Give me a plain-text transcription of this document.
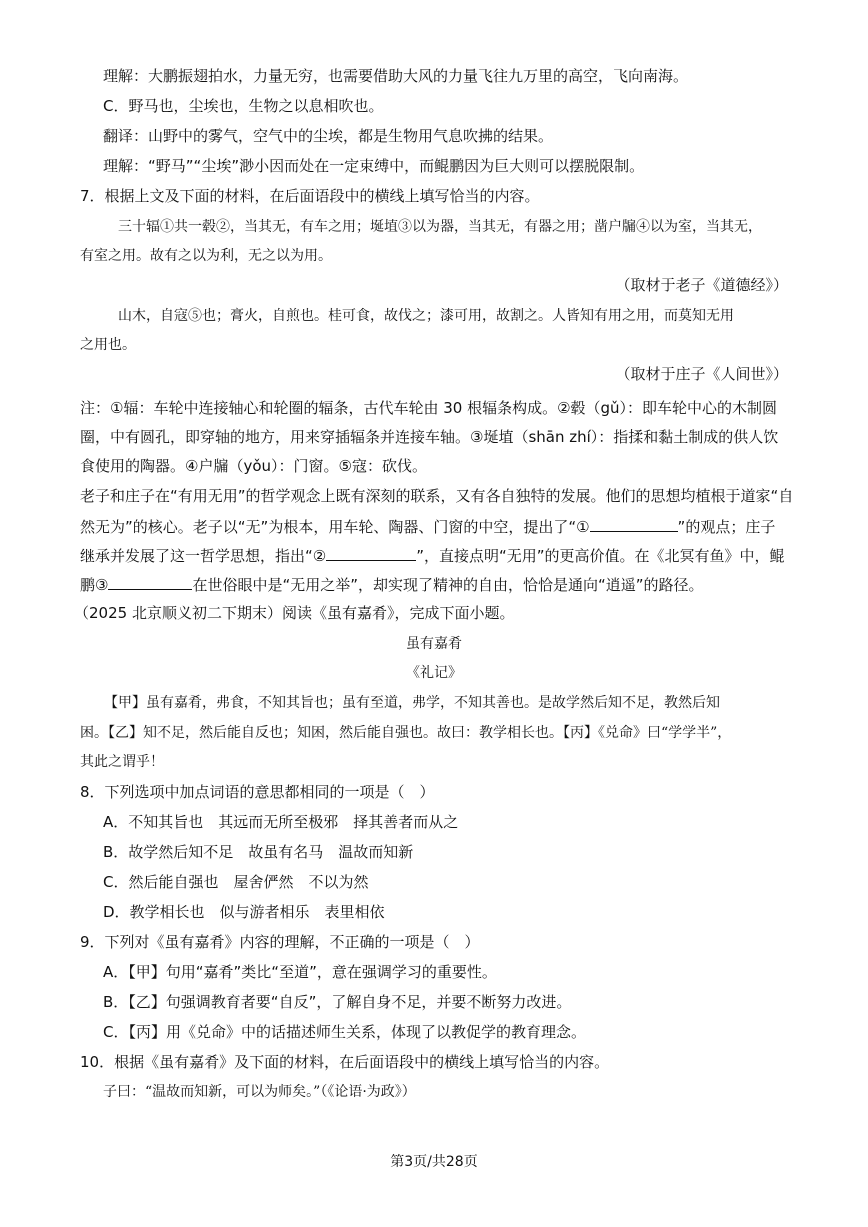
理解：大鹏振翅拍水，力量无穷，也需要借助大风的力量飞往九万里的高空，飞向南海。
C．野马也，尘埃也，生物之以息相吹也。
翻译：山野中的雾气，空气中的尘埃，都是生物用气息吹拂的结果。
理解：“野马”“尘埃”渺小因而处在一定束缚中，而鲲鹏因为巨大则可以摆脱限制。
7．根据上文及下面的材料，在后面语段中的横线上填写恰当的内容。
三十辐①共一毂②，当其无，有车之用；埏埴③以为器，当其无，有器之用；凿户牖④以为室，当其无，
有室之用。故有之以为利，无之以为用。
（取材于老子《道德经》）
山木，自寇⑤也；膏火，自煎也。桂可食，故伐之；漆可用，故割之。人皆知有用之用，而莫知无用
之用也。
（取材于庄子《人间世》）
注：①辐：车轮中连接轴心和轮圈的辐条，古代车轮由 30 根辐条构成。②毂（gǔ）：即车轮中心的木制圆
圈，中有圆孔，即穿轴的地方，用来穿插辐条并连接车轴。③埏埴（shān zhí）：指揉和黏土制成的供人饮
食使用的陶器。④户牖（yǒu）：门窗。⑤寇：砍伐。
老子和庄子在“有用无用”的哲学观念上既有深刻的联系，又有各自独特的发展。他们的思想均植根于道家“自
然无为”的核心。老子以“无”为根本，用车轮、陶器、门窗的中空，提出了“①	”的观点；庄子
继承并发展了这一哲学思想，指出“②	”，直接点明“无用”的更高价值。在《北冥有鱼》中，鲲
鹏③	在世俗眼中是“无用之举”，却实现了精神的自由，恰恰是通向“逍遥”的路径。
（2025 北京顺义初二下期末）阅读《虽有嘉肴》，完成下面小题。
虽有嘉肴
《礼记》
【甲】虽有嘉肴，弗食，不知其旨也；虽有至道，弗学，不知其善也。是故学然后知不足，教然后知
困。【乙】知不足，然后能自反也；知困，然后能自强也。故曰：教学相长也。【丙】《兑命》曰“学学半”，
其此之谓乎！
8．下列选项中加点词语的意思都相同的一项是（　）
A．不知其旨也　其远而无所至极邪　择其善者而从之
B．故学然后知不足　故虽有名马　温故而知新
C．然后能自强也　屋舍俨然　不以为然
D．教学相长也　似与游者相乐　表里相依
9．下列对《虽有嘉肴》内容的理解，不正确的一项是（　）
A．【甲】句用“嘉肴”类比“至道”，意在强调学习的重要性。
B．【乙】句强调教育者要“自反”，了解自身不足，并要不断努力改进。
C．【丙】用《兑命》中的话描述师生关系，体现了以教促学的教育理念。
10．根据《虽有嘉肴》及下面的材料，在后面语段中的横线上填写恰当的内容。
子曰：“温故而知新，可以为师矣。”（《论语·为政》）
第3页/共28页
